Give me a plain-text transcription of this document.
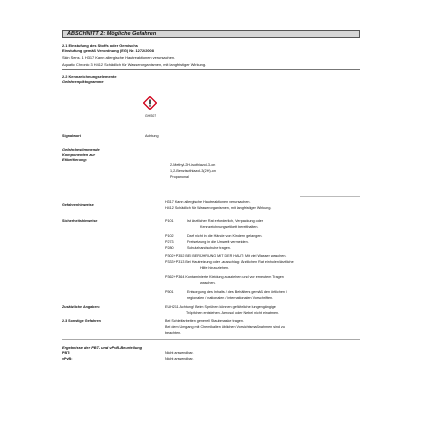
ABSCHNITT 2: Mögliche Gefahren
2.1 Einstufung des Stoffs oder Gemischs
Einstufung gemäß Verordnung (EG) Nr. 1272/2008
Skin Sens. 1 H317 Kann allergische Hautreaktionen verursachen.
Aquatic Chronic 3 H412 Schädlich für Wasserorganismen, mit langfristiger Wirkung.
2.2 Kennzeichnungselemente
Gefahrenpiktogramme
GHS07
Signalwort	Achtung
Gefahrbestimmende
Komponenten zur
Etikettierung:
2-Methyl-2H-isothiazol-3-on
1,2-Benzisothiazol-3(2H)-on
Propanonal
Gefahrenhinweise
H317 Kann allergische Hautreaktionen verursachen.
H412 Schädlich für Wasserorganismen, mit langfristiger Wirkung.
Sicherheitshinweise	P101	Ist ärztlicher Rat erforderlich, Verpackung oder
Kennzeichnungsetikett bereithalten.
P102	Darf nicht in die Hände von Kindern gelangen.
P273	Freisetzung in die Umwelt vermeiden.
P280	Schutzhandschuhe tragen.
P302+P352 BEI BERÜHRUNG MIT DER HAUT: Mit viel Wasser waschen.
P333+P313 Bei Hautreizung oder -ausschlag: Ärztlichen Rat einholen/ärztliche
Hilfe hinzuziehen.
P362+P364 Kontaminierte Kleidung ausziehen und vor erneutem Tragen
waschen.
P501	Entsorgung des Inhalts / des Behälters gemäß den örtlichen /
regionalen / nationalen / internationalen Vorschriften.
Zusätzliche Angaben:	EUH211 Achtung! Beim Sprühen können gefährliche lungengängige
Tröpfchen entstehen. Aerosol oder Nebel nicht einatmen.
2.3 Sonstige Gefahren	Bei Schleifarbeiten generell Staubmaske tragen.
Bei dem Umgang mit Chemikalien üblichen Vorsichtsmaßnahmen sind zu
beachten.
Ergebnisse der PBT- und vPvB-Beurteilung
PBT:	Nicht anwendbar.
vPvB:	Nicht anwendbar.
